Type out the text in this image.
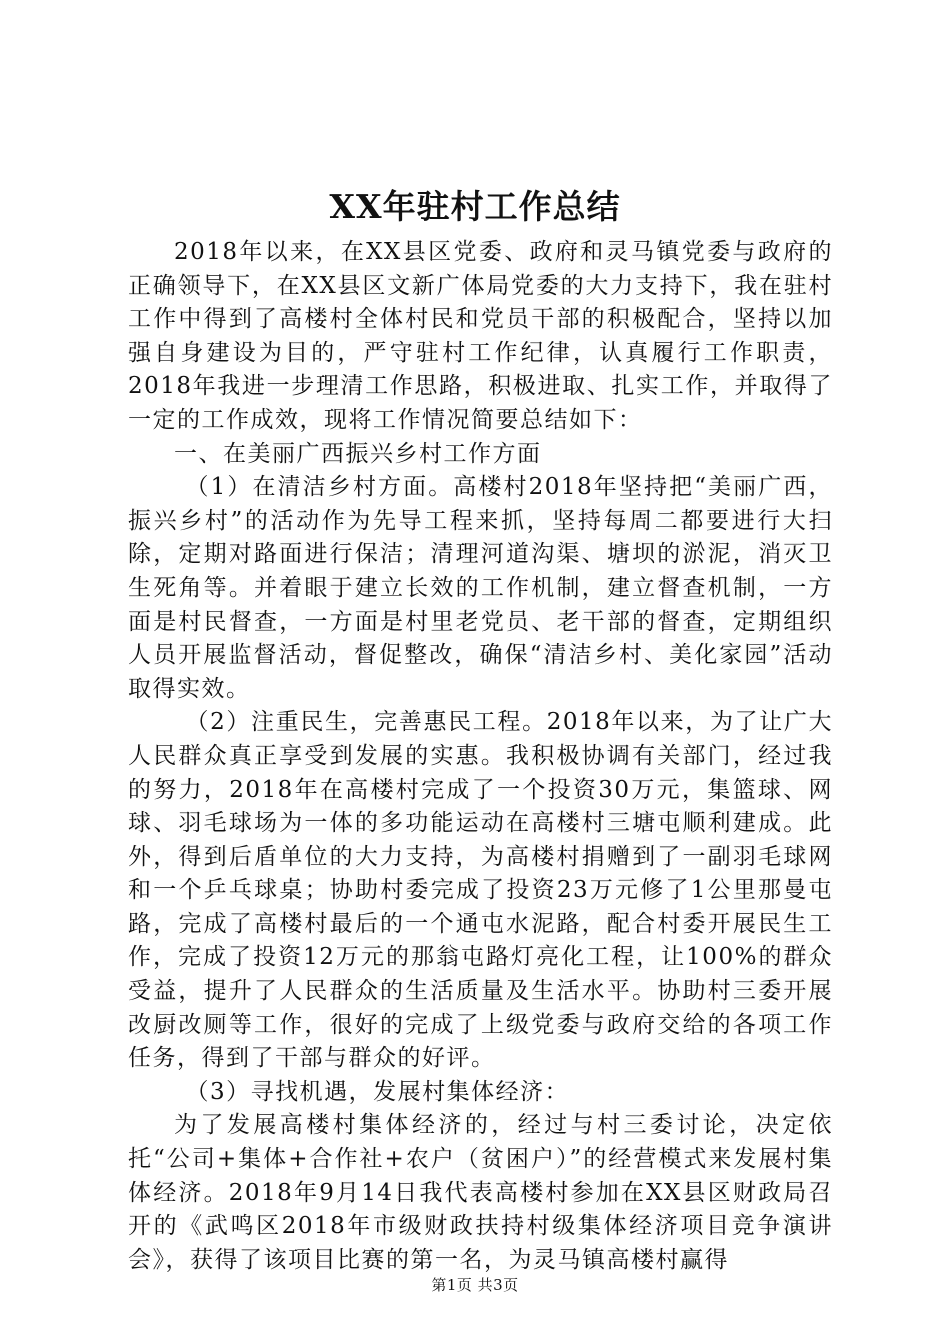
XX年驻村工作总结

2018年以来，在XX县区党委、政府和灵马镇党委与政府的正确领导下，在XX县区文新广体局党委的大力支持下，我在驻村工作中得到了高楼村全体村民和党员干部的积极配合，坚持以加强自身建设为目的，严守驻村工作纪律，认真履行工作职责，2018年我进一步理清工作思路，积极进取、扎实工作，并取得了一定的工作成效，现将工作情况简要总结如下：

一、在美丽广西振兴乡村工作方面

（1）在清洁乡村方面。高楼村2018年坚持把“美丽广西，振兴乡村”的活动作为先导工程来抓，坚持每周二都要进行大扫除，定期对路面进行保洁；清理河道沟渠、塘坝的淤泥，消灭卫生死角等。并着眼于建立长效的工作机制，建立督查机制，一方面是村民督查，一方面是村里老党员、老干部的督查，定期组织人员开展监督活动，督促整改，确保“清洁乡村、美化家园”活动取得实效。

（2）注重民生，完善惠民工程。2018年以来，为了让广大人民群众真正享受到发展的实惠。我积极协调有关部门，经过我的努力，2018年在高楼村完成了一个投资30万元，集篮球、网球、羽毛球场为一体的多功能运动在高楼村三塘屯顺利建成。此外，得到后盾单位的大力支持，为高楼村捐赠到了一副羽毛球网和一个乒乓球桌；协助村委完成了投资23万元修了1公里那曼屯路，完成了高楼村最后的一个通屯水泥路，配合村委开展民生工作，完成了投资12万元的那翁屯路灯亮化工程，让100%的群众受益，提升了人民群众的生活质量及生活水平。协助村三委开展改厨改厕等工作，很好的完成了上级党委与政府交给的各项工作任务，得到了干部与群众的好评。

（3）寻找机遇，发展村集体经济：

为了发展高楼村集体经济的，经过与村三委讨论，决定依托“公司+集体+合作社+农户（贫困户）”的经营模式来发展村集体经济。2018年9月14日我代表高楼村参加在XX县区财政局召开的《武鸣区2018年市级财政扶持村级集体经济项目竞争演讲会》，获得了该项目比赛的第一名，为灵马镇高楼村赢得

第1页 共3页
